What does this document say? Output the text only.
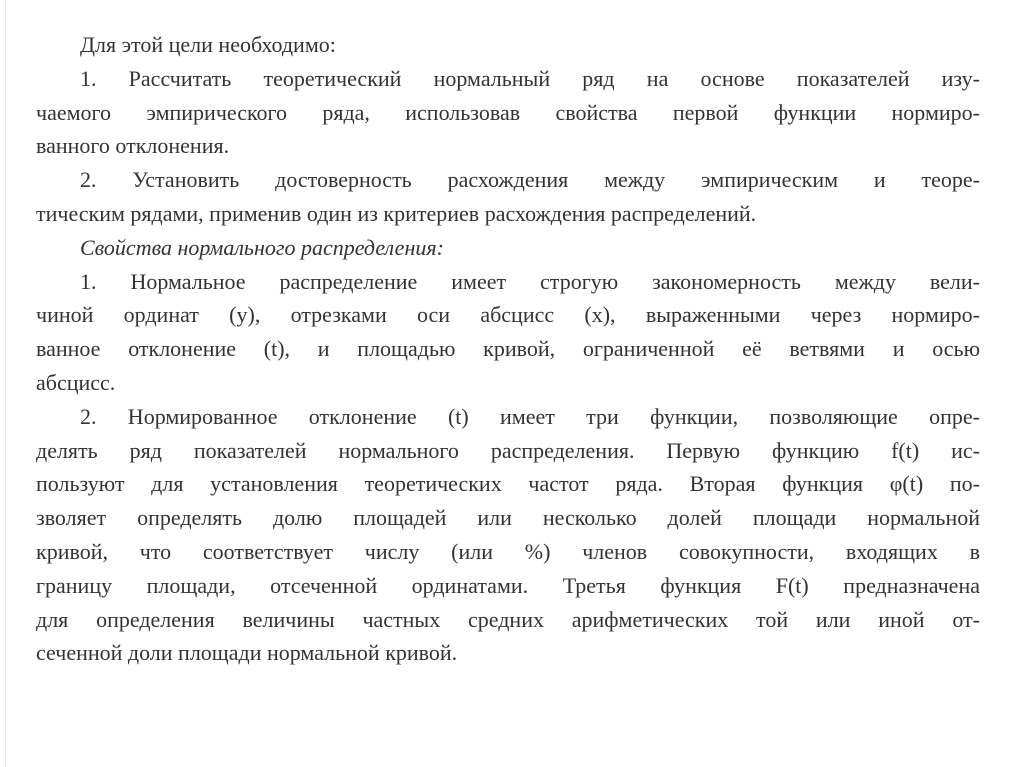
Для этой цели необходимо:
1. Рассчитать теоретический нормальный ряд на основе показателей изу-
чаемого эмпирического ряда, использовав свойства первой функции нормиро-
ванного отклонения.
2. Установить достоверность расхождения между эмпирическим и теоре-
тическим рядами, применив один из критериев расхождения распределений.
Свойства нормального распределения:
1. Нормальное распределение имеет строгую закономерность между вели-
чиной ординат (у), отрезками оси абсцисс (х), выраженными через нормиро-
ванное отклонение (t), и площадью кривой, ограниченной её ветвями и осью
абсцисс.
2. Нормированное отклонение (t) имеет три функции, позволяющие опре-
делять ряд показателей нормального распределения. Первую функцию f(t) ис-
пользуют для установления теоретических частот ряда. Вторая функция φ(t) по-
зволяет определять долю площадей или несколько долей площади нормальной
кривой, что соответствует числу (или %) членов совокупности, входящих в
границу площади, отсеченной ординатами. Третья функция F(t) предназначена
для определения величины частных средних арифметических той или иной от-
сеченной доли площади нормальной кривой.
